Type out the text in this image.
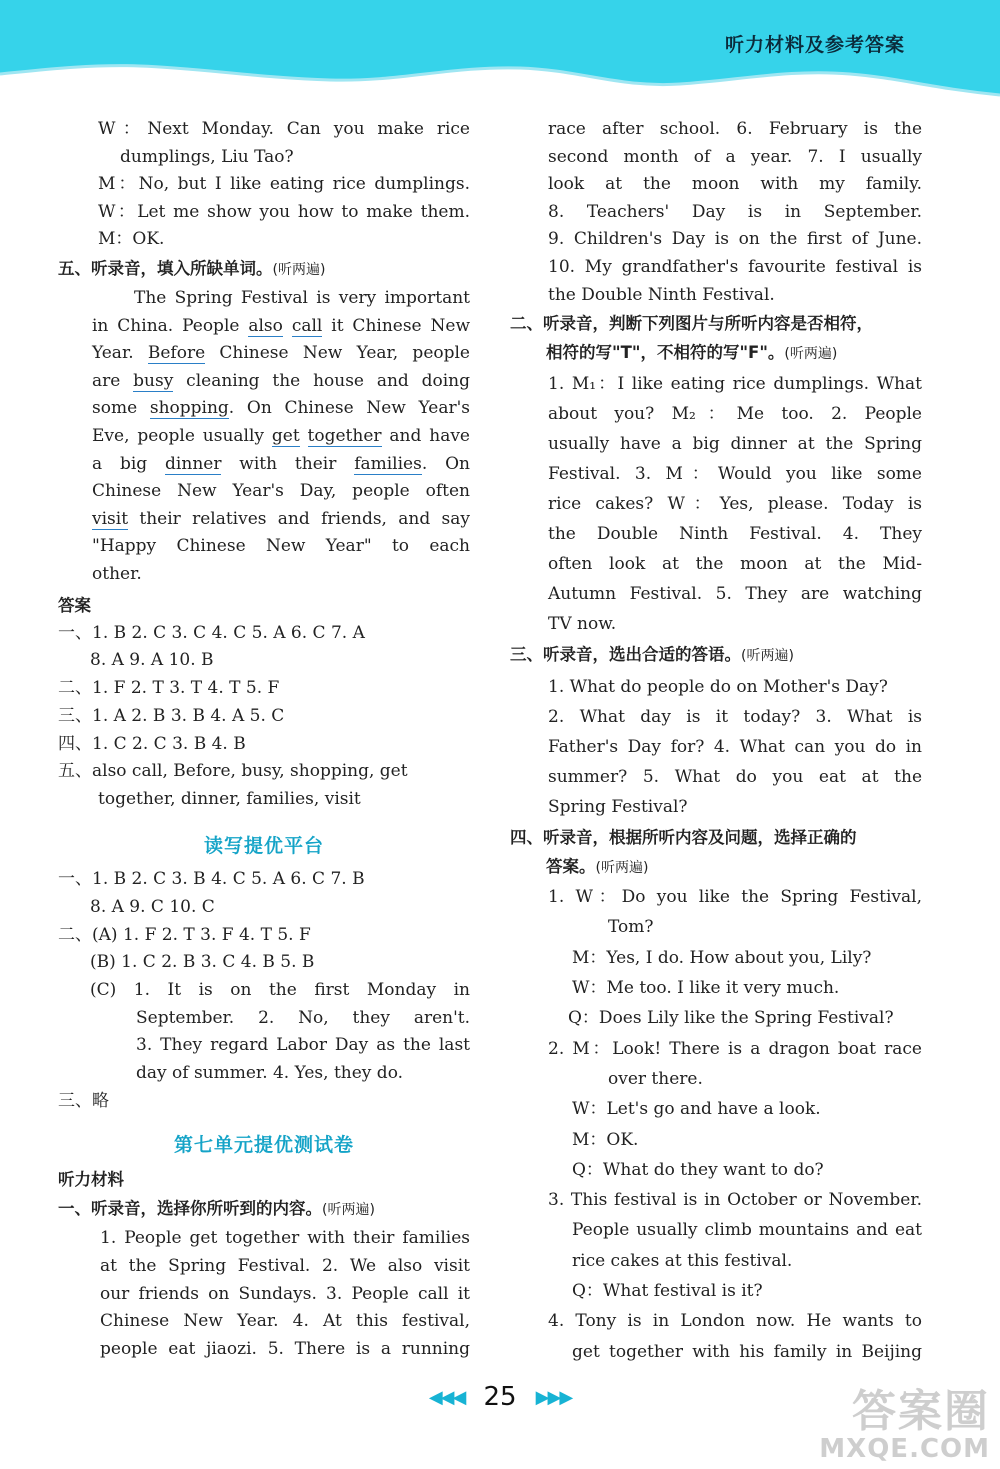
听力材料及参考答案
W：Next Monday. Can you make rice
dumplings, Liu Tao?
M：No, but I like eating rice dumplings.
W：Let me show you how to make them.
M：OK.
五、听录音，填入所缺单词。(听两遍)
The Spring Festival is very important
in China. People also call it Chinese New
Year. Before Chinese New Year, people
are busy cleaning the house and doing
some shopping. On Chinese New Year's
Eve, people usually get together and have
a big dinner with their families. On
Chinese New Year's Day, people often
visit their relatives and friends, and say
"Happy Chinese New Year" to each
other.
答案
一、1. B 2. C 3. C 4. C 5. A 6. C 7. A
8. A 9. A 10. B
二、1. F 2. T 3. T 4. T 5. F
三、1. A 2. B 3. B 4. A 5. C
四、1. C 2. C 3. B 4. B
五、also call, Before, busy, shopping, get
together, dinner, families, visit
读写提优平台
一、1. B 2. C 3. B 4. C 5. A 6. C 7. B
8. A 9. C 10. C
二、(A) 1. F 2. T 3. F 4. T 5. F
(B) 1. C 2. B 3. C 4. B 5. B
(C) 1. It is on the first Monday in
September. 2. No, they aren't.
3. They regard Labor Day as the last
day of summer. 4. Yes, they do.
三、略
第七单元提优测试卷
听力材料
一、听录音，选择你所听到的内容。(听两遍)
1. People get together with their families
at the Spring Festival. 2. We also visit
our friends on Sundays. 3. People call it
Chinese New Year. 4. At this festival,
people eat jiaozi. 5. There is a running
race after school. 6. February is the
second month of a year. 7. I usually
look at the moon with my family.
8. Teachers' Day is in September.
9. Children's Day is on the first of June.
10. My grandfather's favourite festival is
the Double Ninth Festival.
二、听录音，判断下列图片与所听内容是否相符，
相符的写"T"，不相符的写"F"。(听两遍)
1. M₁：I like eating rice dumplings. What
about you? M₂：Me too. 2. People
usually have a big dinner at the Spring
Festival. 3. M：Would you like some
rice cakes? W：Yes, please. Today is
the Double Ninth Festival. 4. They
often look at the moon at the Mid-
Autumn Festival. 5. They are watching
TV now.
三、听录音，选出合适的答语。(听两遍)
1. What do people do on Mother's Day?
2. What day is it today? 3. What is
Father's Day for? 4. What can you do in
summer? 5. What do you eat at the
Spring Festival?
四、听录音，根据所听内容及问题，选择正确的
答案。(听两遍)
1. W：Do you like the Spring Festival,
Tom?
M：Yes, I do. How about you, Lily?
W：Me too. I like it very much.
Q：Does Lily like the Spring Festival?
2. M：Look! There is a dragon boat race
over there.
W：Let's go and have a look.
M：OK.
Q：What do they want to do?
3. This festival is in October or November.
People usually climb mountains and eat
rice cakes at this festival.
Q：What festival is it?
4. Tony is in London now. He wants to
get together with his family in Beijing
◀◀◀ 25 ▶▶▶	答案圈
MXQE.COM
